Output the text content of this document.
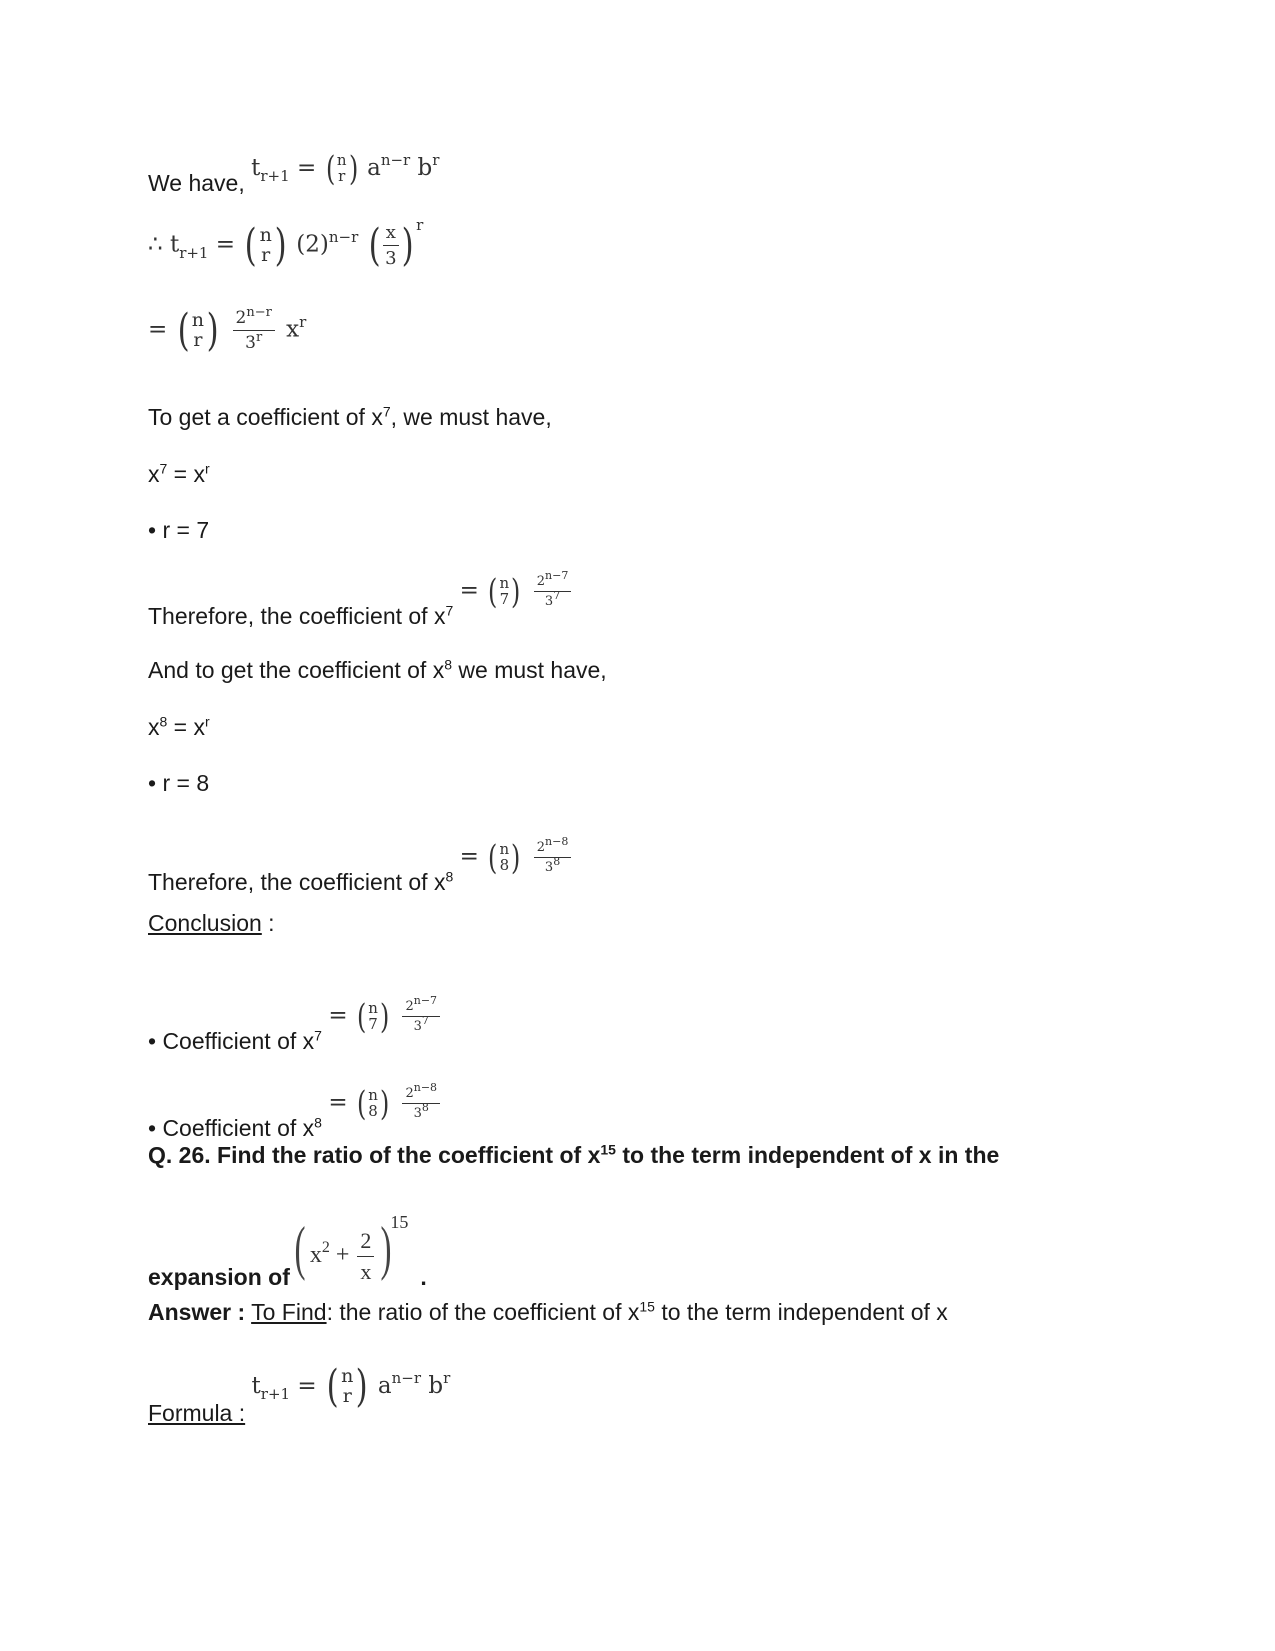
We have, $t_{r+1}$ = ( n
r ) $a^{n-r}$ $b^r$
∴ $t_{r+1}$ = ( n
r ) $(2)^{n-r}$ ( $\frac{x}{3}$ ) $^r$
= ( n
r )
$\frac{2^{n-r}}{3^r} x^r$
To get a coefficient of $x^7$, we must have,
$x^7 = x^r$
• r = 7
Therefore, the coefficient of $x^7$ = ( n
7 )
$\frac{2^{n-7}}{3^7}$
And to get the coefficient of $x^8$ we must have,
$x^8 = x^r$
• r = 8
Therefore, the coefficient of $x^8$ = ( n
8 )
$\frac{2^{n-8}}{3^8}$
Conclusion :
• Coefficient of $x^7$ = ( n
7 )
$\frac{2^{n-7}}{3^7}$
• Coefficient of $x^8$ = ( n
8 )
$\frac{2^{n-8}}{3^8}$
Q. 26. Find the ratio of the coefficient of $x^{15}$ to the term independent of x in the
expansion of( $x^2 + \frac{2}{x} )^{15}$.
Answer : To Find: the ratio of the coefficient of $x^{15}$ to the term independent of x
Formula : $t_{r+1}$ = ( n
r ) $a^{n-r}$ $b^r$
